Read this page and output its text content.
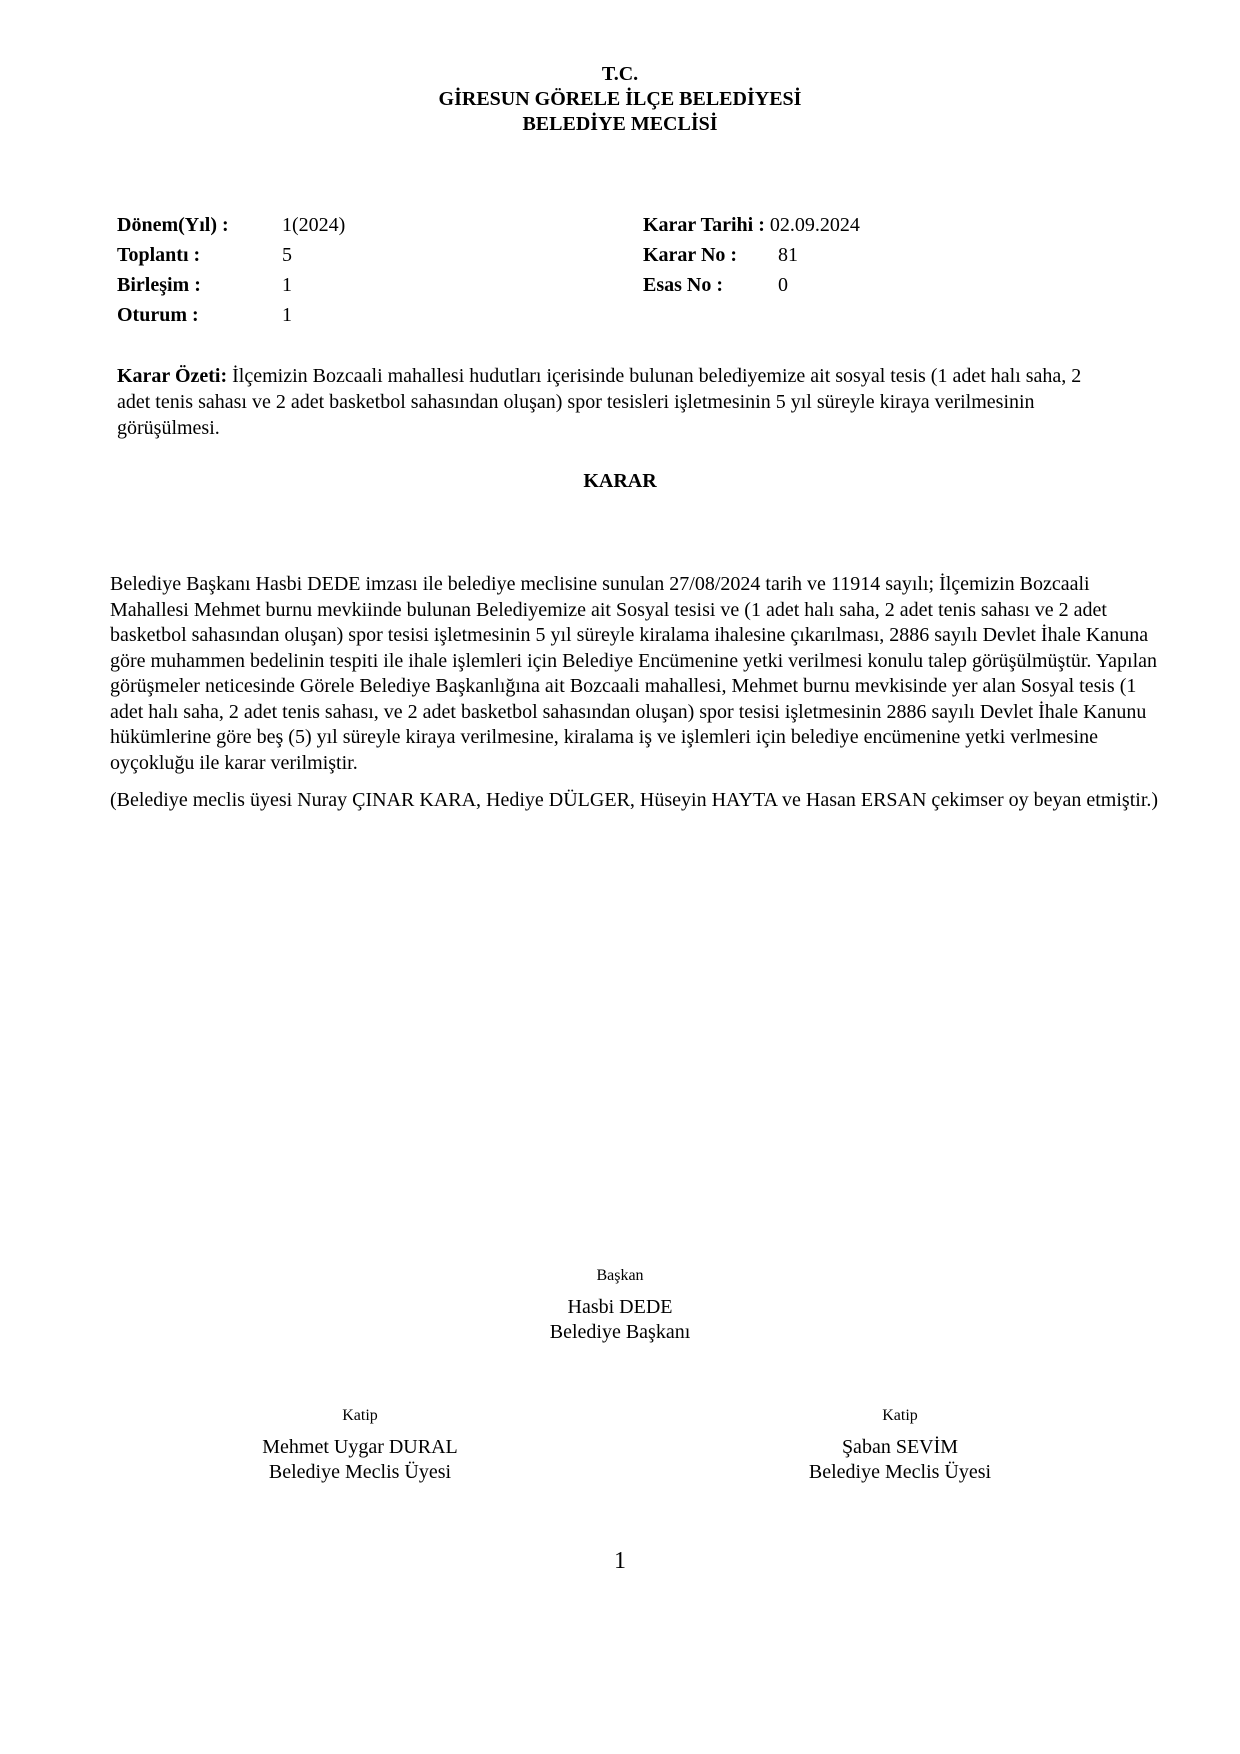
T.C.
GİRESUN GÖRELE İLÇE BELEDİYESİ
BELEDİYE MECLİSİ
Dönem(Yıl) :	1(2024)
Toplantı :	5
Birleşim :	1
Oturum :	1
Karar Tarihi : 02.09.2024
Karar No :	81
Esas No :	0
Karar Özeti: İlçemizin Bozcaali mahallesi hudutları içerisinde bulunan belediyemize ait sosyal tesis (1 adet halı saha, 2 adet tenis sahası ve 2 adet basketbol sahasından oluşan) spor tesisleri işletmesinin 5 yıl süreyle kiraya verilmesinin görüşülmesi.
KARAR

Belediye Başkanı Hasbi DEDE imzası ile belediye meclisine sunulan 27/08/2024 tarih ve 11914 sayılı; İlçemizin Bozcaali Mahallesi Mehmet burnu mevkiinde bulunan Belediyemize ait Sosyal tesisi ve (1 adet halı saha, 2 adet tenis sahası ve 2 adet basketbol sahasından oluşan) spor tesisi işletmesinin 5 yıl süreyle kiralama ihalesine çıkarılması, 2886 sayılı Devlet İhale Kanuna göre muhammen bedelinin tespiti ile ihale işlemleri için Belediye Encümenine yetki verilmesi konulu talep görüşülmüştür. Yapılan görüşmeler neticesinde Görele Belediye Başkanlığına ait Bozcaali mahallesi, Mehmet burnu mevkisinde yer alan Sosyal tesis (1 adet halı saha, 2 adet tenis sahası, ve 2 adet basketbol sahasından oluşan) spor tesisi işletmesinin 2886 sayılı Devlet İhale Kanunu hükümlerine göre beş (5) yıl süreyle kiraya verilmesine, kiralama iş ve işlemleri için belediye encümenine yetki verlmesine oyçokluğu ile karar verilmiştir.

(Belediye meclis üyesi Nuray ÇINAR KARA, Hediye DÜLGER, Hüseyin HAYTA ve Hasan ERSAN çekimser oy beyan etmiştir.)

Başkan
Hasbi DEDE
Belediye Başkanı
Katip
Mehmet Uygar DURAL
Belediye Meclis Üyesi
Katip
Şaban SEVİM
Belediye Meclis Üyesi
1
